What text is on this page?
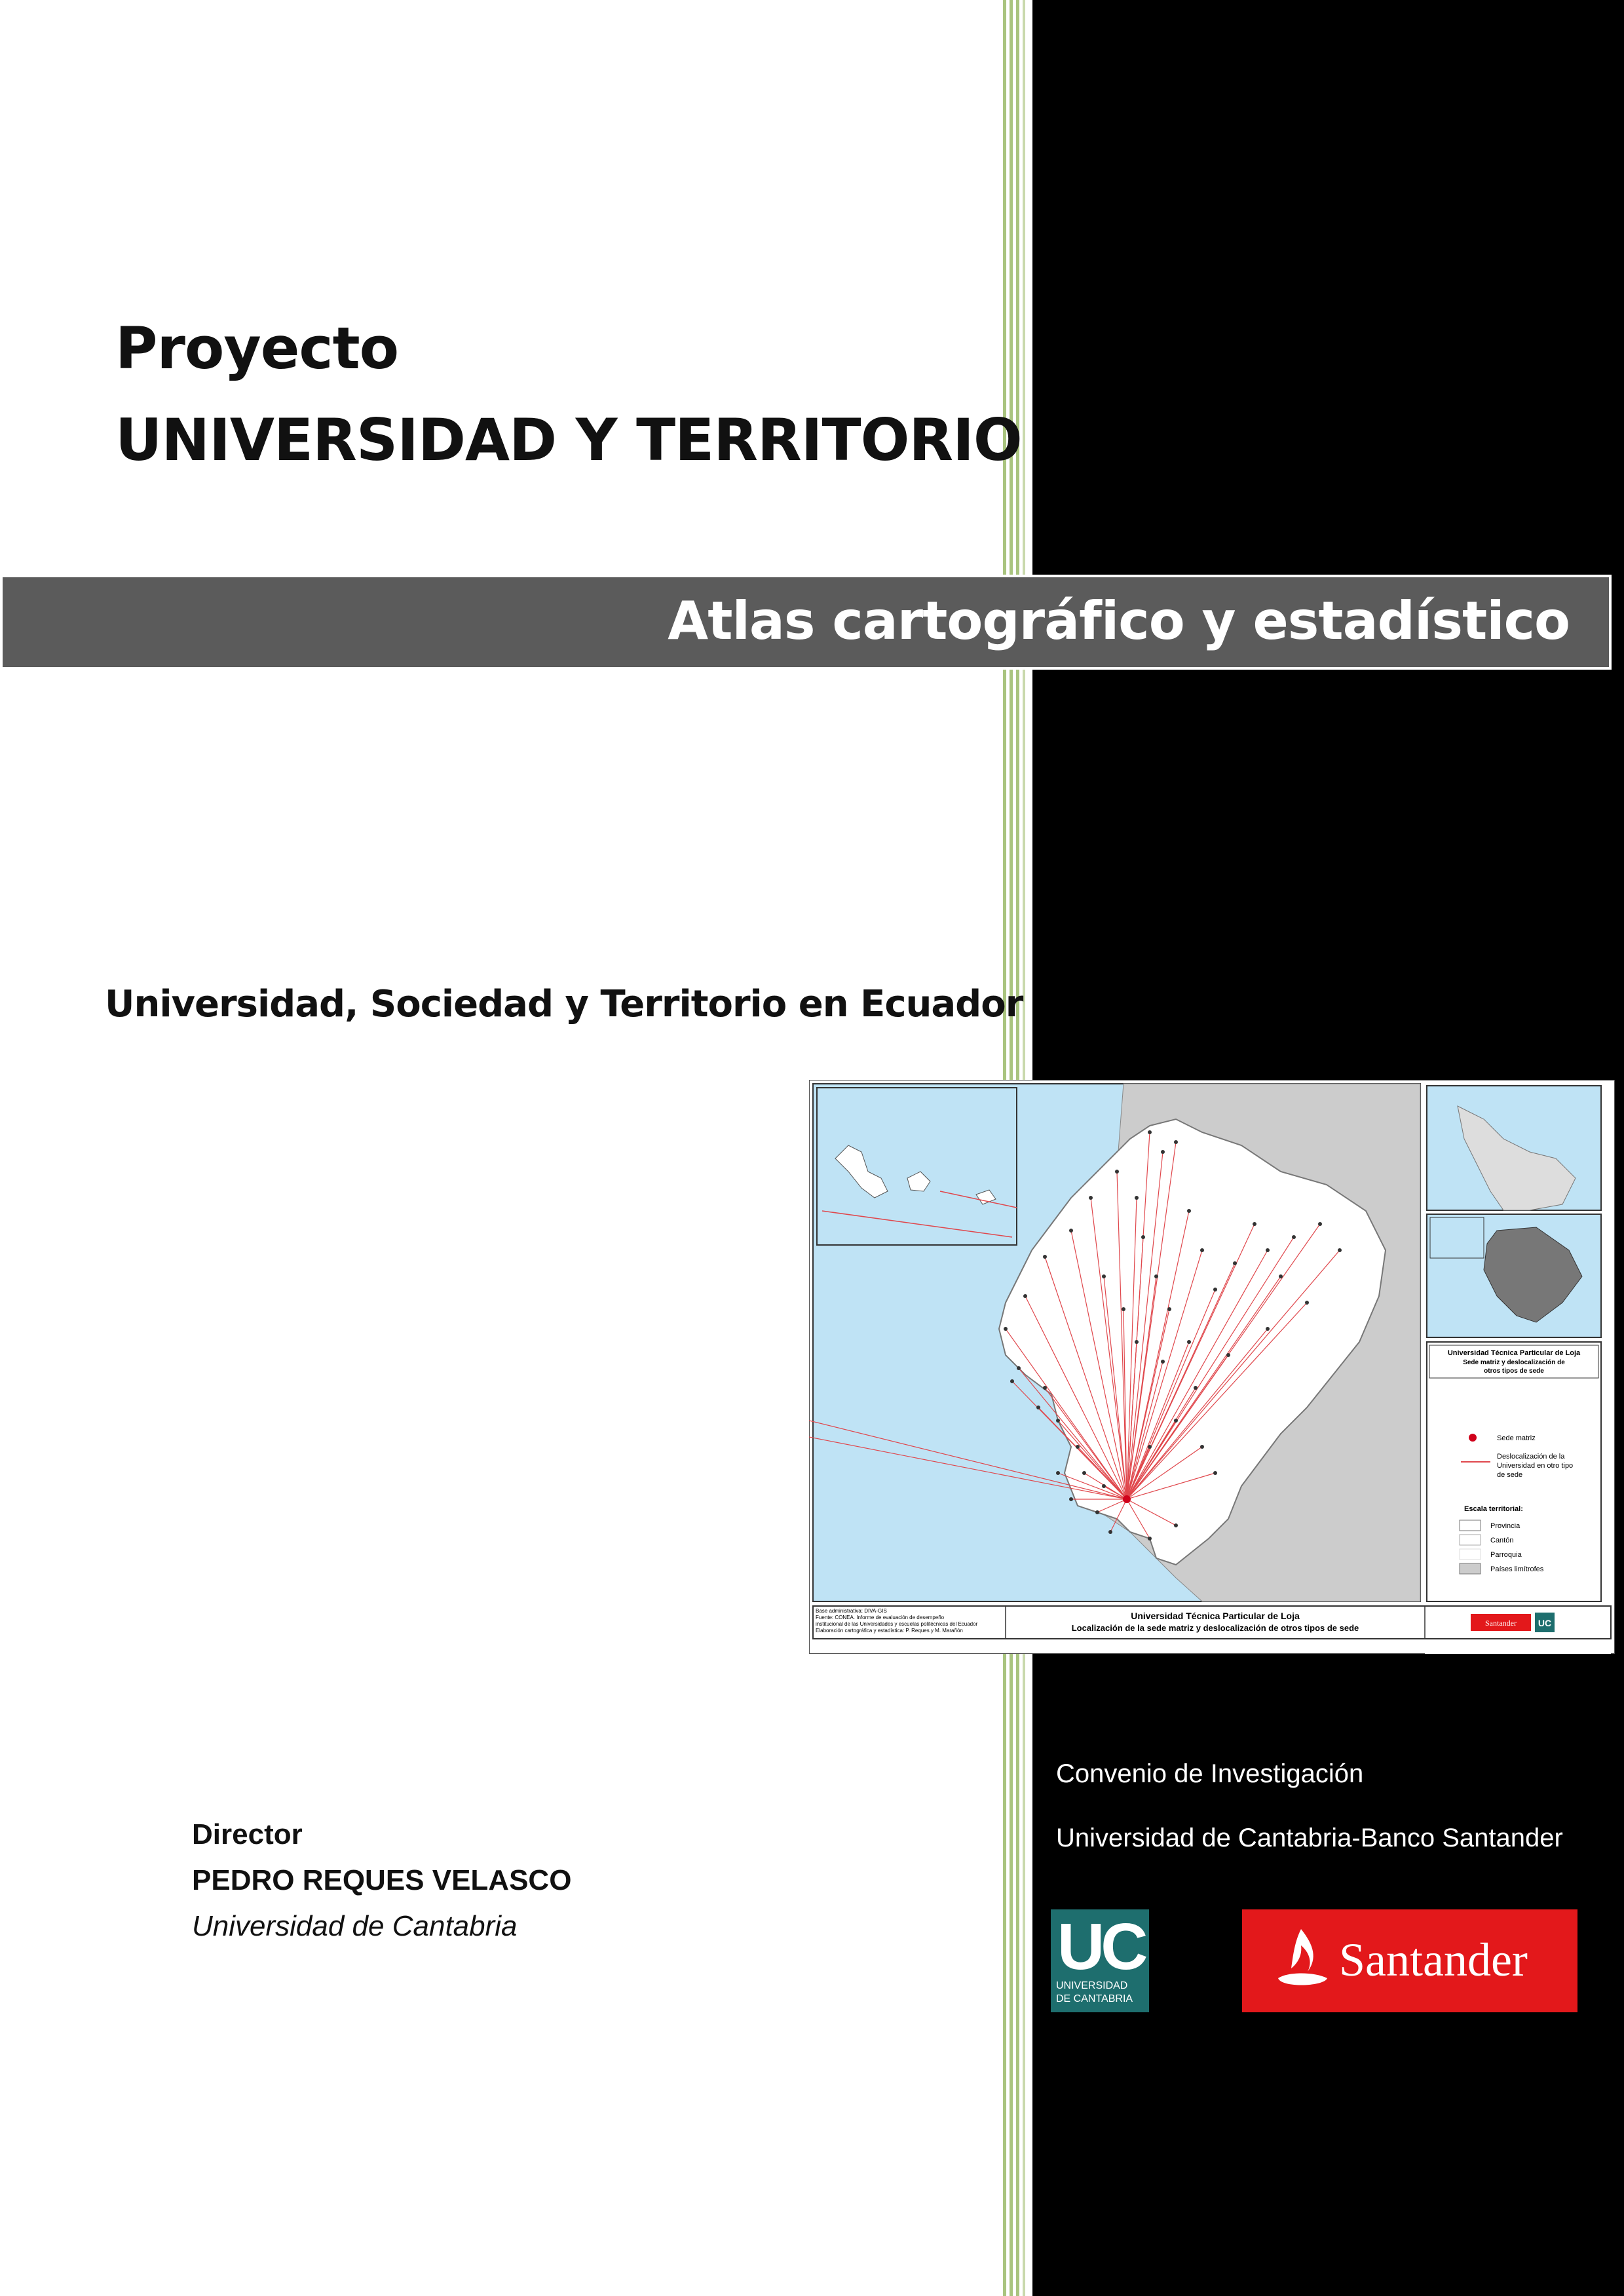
Proyecto
UNIVERSIDAD Y TERRITORIO
Atlas cartográfico y estadístico
Universidad, Sociedad y Territorio en Ecuador
Universidad Técnica Particular de Loja
Sede matriz y deslocalización de
otros tipos de sede
Sede matriz
Deslocalización de la
Universidad en otro tipo
de sede
Escala territorial:
Provincia
Cantón
Parroquia
Países limítrofes
Base administrativa: DIVA-GIS
Fuente: CONEA. Informe de evaluación de desempeño
institucional de las Universidades y escuelas politécnicas del Ecuador
Elaboración cartográfica y estadística: P. Reques y M. Marañón
Universidad Técnica Particular de Loja
Localización de la sede matriz y deslocalización de otros tipos de sede	Santander UC
Director
PEDRO REQUES VELASCO
Universidad de Cantabria
Convenio de Investigación
Universidad de Cantabria-Banco Santander
UC
UNIVERSIDAD
DE CANTABRIA
Santander
